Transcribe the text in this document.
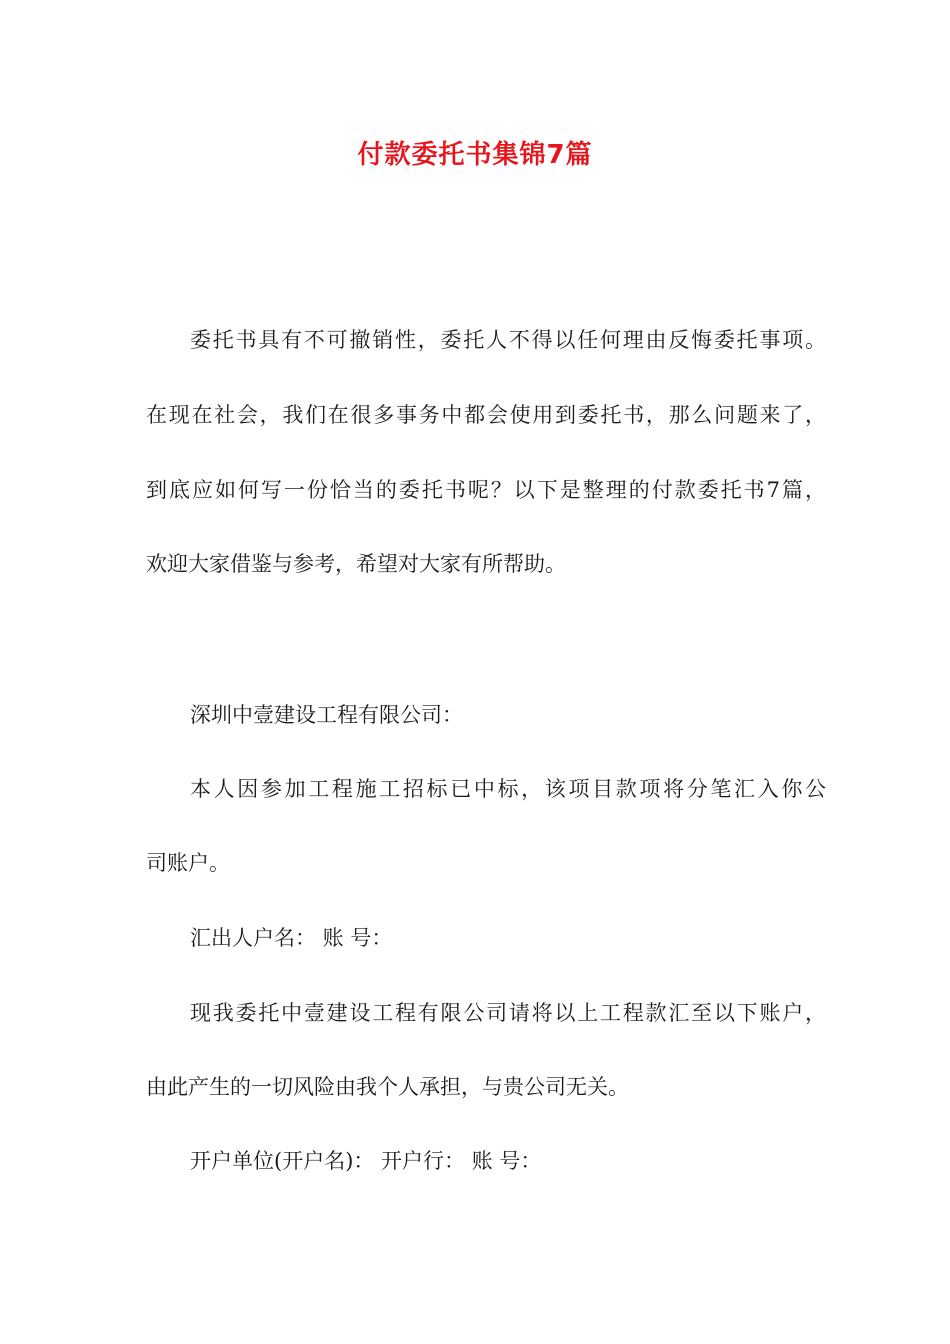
付款委托书集锦7篇

委托书具有不可撤销性，委托人不得以任何理由反悔委托事项。

在现在社会，我们在很多事务中都会使用到委托书，那么问题来了，

到底应如何写一份恰当的委托书呢？以下是整理的付款委托书7篇，

欢迎大家借鉴与参考，希望对大家有所帮助。

深圳中壹建设工程有限公司：

本人因参加工程施工招标已中标，该项目款项将分笔汇入你公

司账户。

汇出人户名： 账 号：

现我委托中壹建设工程有限公司请将以上工程款汇至以下账户，

由此产生的一切风险由我个人承担，与贵公司无关。

开户单位(开户名)： 开户行： 账 号：
